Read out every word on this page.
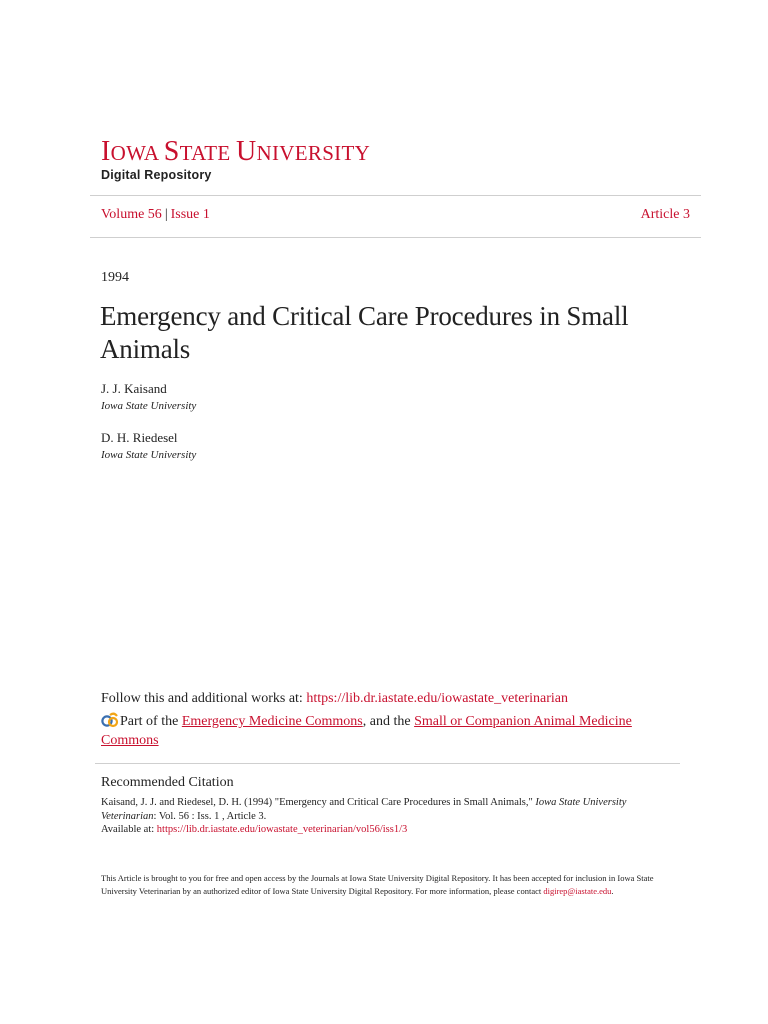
IOWA STATE UNIVERSITY
Digital Repository
Volume 56 | Issue 1	Article 3
1994
Emergency and Critical Care Procedures in Small Animals
J. J. Kaisand
Iowa State University
D. H. Riedesel
Iowa State University
Follow this and additional works at: https://lib.dr.iastate.edu/iowastate_veterinarian
Part of the Emergency Medicine Commons, and the Small or Companion Animal Medicine Commons
Recommended Citation
Kaisand, J. J. and Riedesel, D. H. (1994) "Emergency and Critical Care Procedures in Small Animals," Iowa State University Veterinarian: Vol. 56 : Iss. 1 , Article 3.
Available at: https://lib.dr.iastate.edu/iowastate_veterinarian/vol56/iss1/3
This Article is brought to you for free and open access by the Journals at Iowa State University Digital Repository. It has been accepted for inclusion in Iowa State University Veterinarian by an authorized editor of Iowa State University Digital Repository. For more information, please contact digirep@iastate.edu.
